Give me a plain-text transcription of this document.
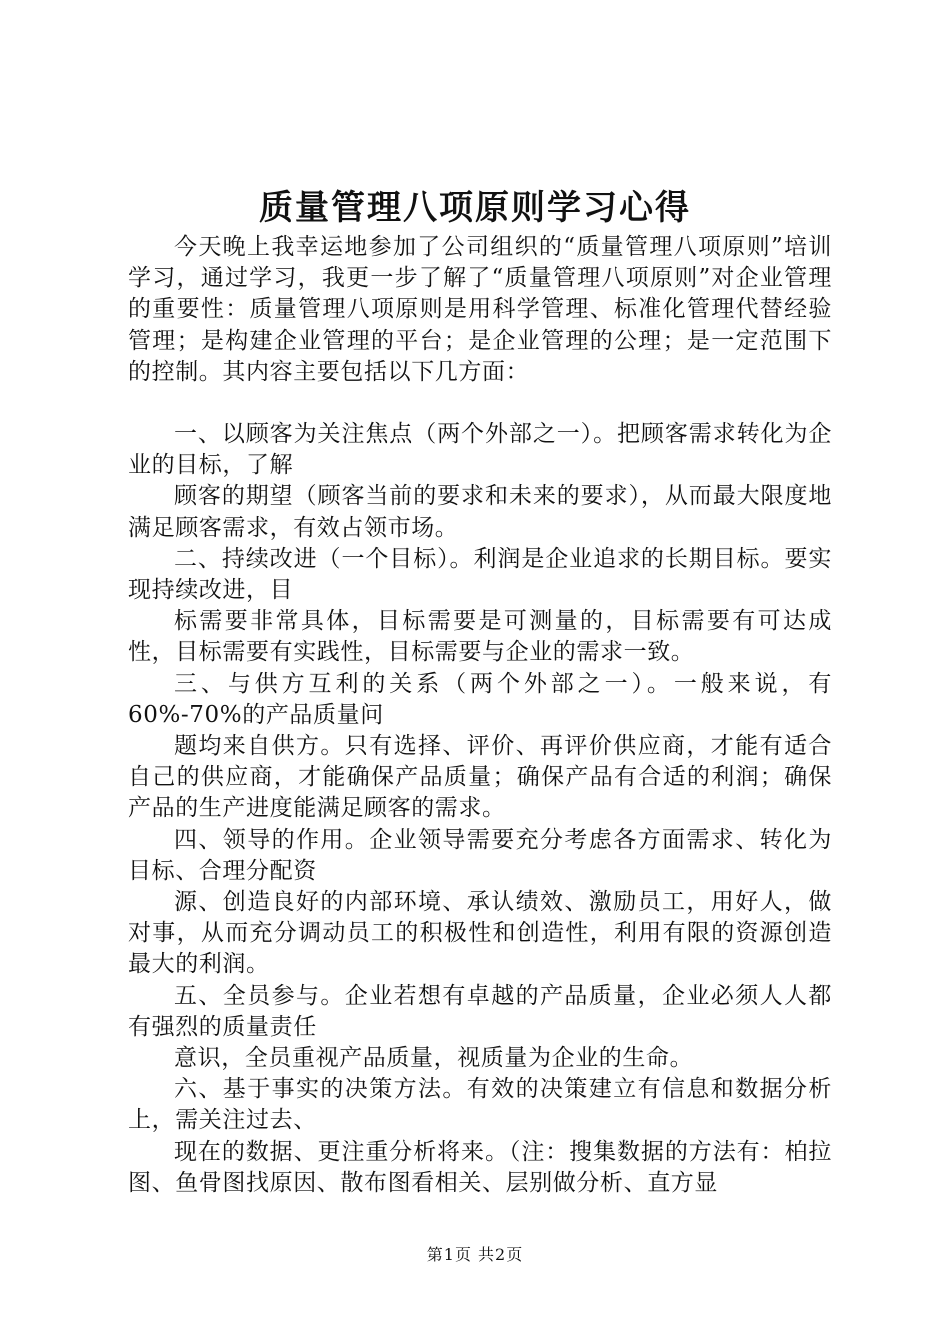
质量管理八项原则学习心得

今天晚上我幸运地参加了公司组织的“质量管理八项原则”培训学习，通过学习，我更一步了解了“质量管理八项原则”对企业管理的重要性：质量管理八项原则是用科学管理、标准化管理代替经验管理；是构建企业管理的平台；是企业管理的公理；是一定范围下的控制。其内容主要包括以下几方面：

一、以顾客为关注焦点（两个外部之一）。把顾客需求转化为企业的目标，了解

顾客的期望（顾客当前的要求和未来的要求），从而最大限度地满足顾客需求，有效占领市场。

二、持续改进（一个目标）。利润是企业追求的长期目标。要实现持续改进，目

标需要非常具体，目标需要是可测量的，目标需要有可达成性，目标需要有实践性，目标需要与企业的需求一致。

三、与供方互利的关系（两个外部之一）。一般来说，有60%-70%的产品质量问

题均来自供方。只有选择、评价、再评价供应商，才能有适合自己的供应商，才能确保产品质量；确保产品有合适的利润；确保产品的生产进度能满足顾客的需求。

四、领导的作用。企业领导需要充分考虑各方面需求、转化为目标、合理分配资

源、创造良好的内部环境、承认绩效、激励员工，用好人，做对事，从而充分调动员工的积极性和创造性，利用有限的资源创造最大的利润。

五、全员参与。企业若想有卓越的产品质量，企业必须人人都有强烈的质量责任

意识，全员重视产品质量，视质量为企业的生命。

六、基于事实的决策方法。有效的决策建立有信息和数据分析上，需关注过去、

现在的数据、更注重分析将来。（注：搜集数据的方法有：柏拉图、鱼骨图找原因、散布图看相关、层别做分析、直方显

第1页 共2页
